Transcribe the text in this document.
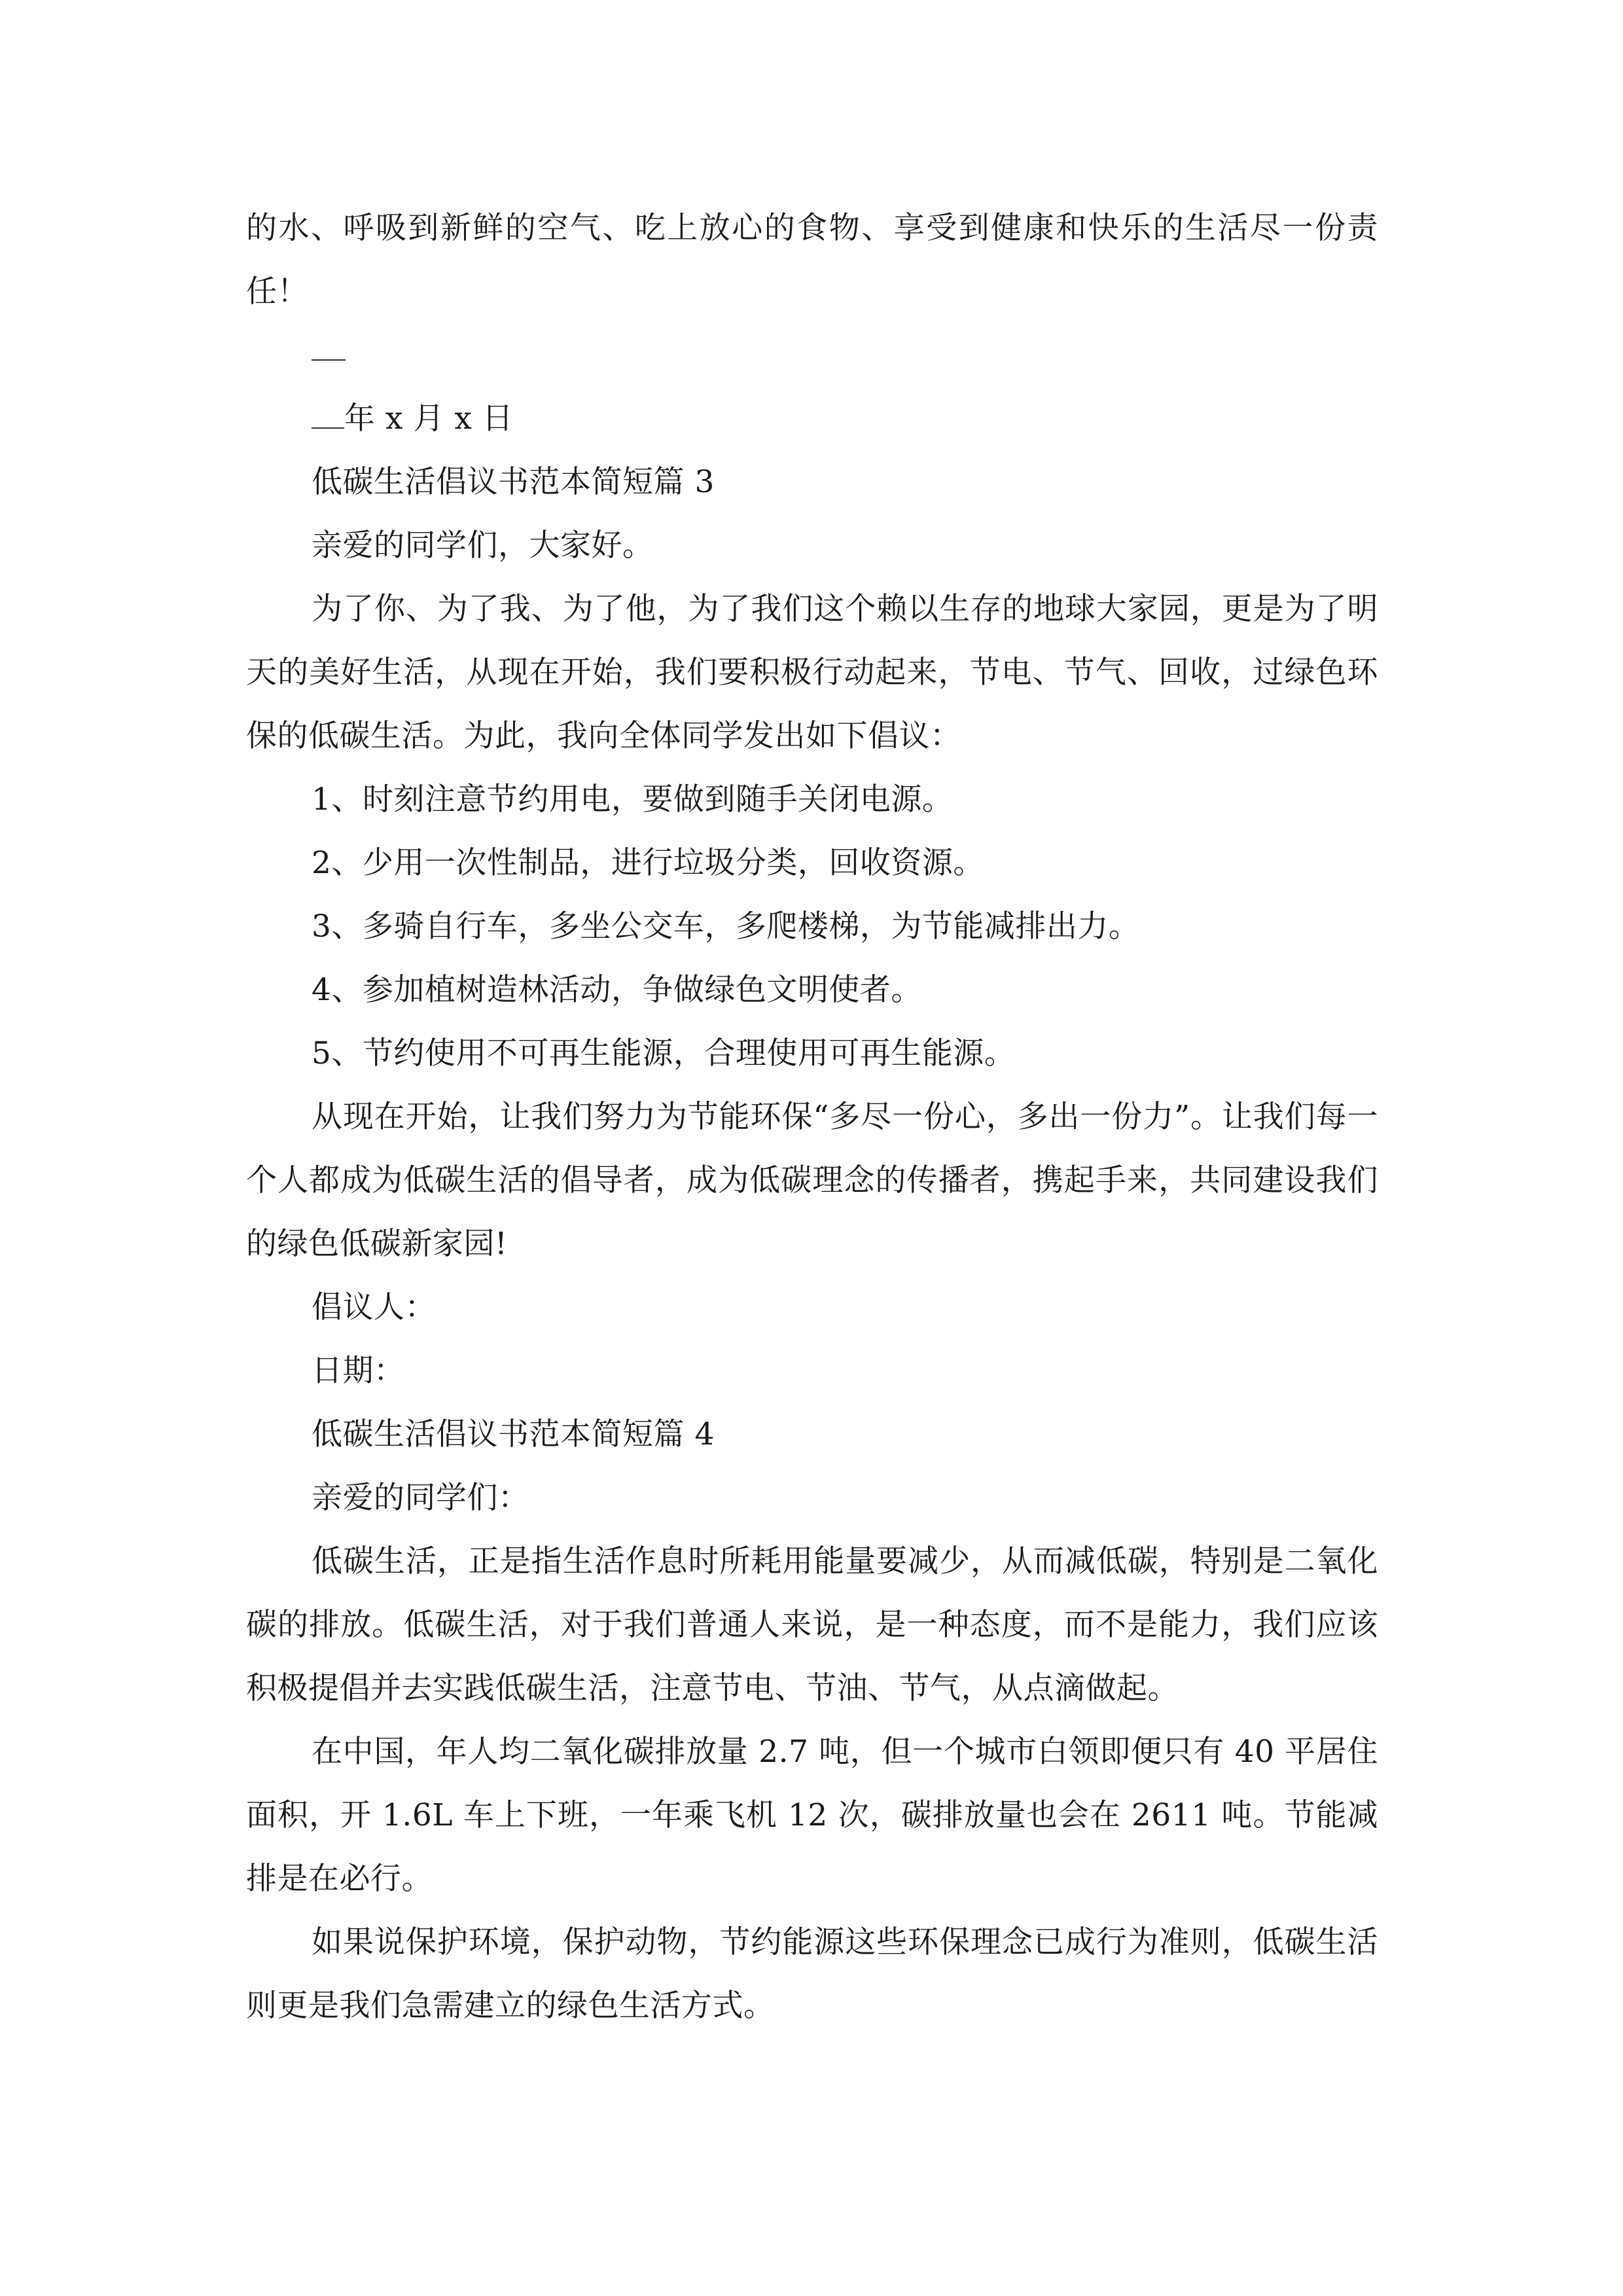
的水、呼吸到新鲜的空气、吃上放心的食物、享受到健康和快乐的生活尽一份责任！

年 x 月 x 日

低碳生活倡议书范本简短篇 3

亲爱的同学们，大家好。

为了你、为了我、为了他，为了我们这个赖以生存的地球大家园，更是为了明天的美好生活，从现在开始，我们要积极行动起来，节电、节气、回收，过绿色环保的低碳生活。为此，我向全体同学发出如下倡议：

1、时刻注意节约用电，要做到随手关闭电源。

2、少用一次性制品，进行垃圾分类，回收资源。

3、多骑自行车，多坐公交车，多爬楼梯，为节能减排出力。

4、参加植树造林活动，争做绿色文明使者。

5、节约使用不可再生能源，合理使用可再生能源。

从现在开始，让我们努力为节能环保“多尽一份心，多出一份力”。让我们每一个人都成为低碳生活的倡导者，成为低碳理念的传播者，携起手来，共同建设我们的绿色低碳新家园!

倡议人：

日期：

低碳生活倡议书范本简短篇 4

亲爱的同学们：

低碳生活，正是指生活作息时所耗用能量要减少，从而减低碳，特别是二氧化碳的排放。低碳生活，对于我们普通人来说，是一种态度，而不是能力，我们应该积极提倡并去实践低碳生活，注意节电、节油、节气，从点滴做起。

在中国，年人均二氧化碳排放量 2.7 吨，但一个城市白领即便只有 40 平居住面积，开 1.6L 车上下班，一年乘飞机 12 次，碳排放量也会在 2611 吨。节能减排是在必行。

如果说保护环境，保护动物，节约能源这些环保理念已成行为准则，低碳生活则更是我们急需建立的绿色生活方式。
